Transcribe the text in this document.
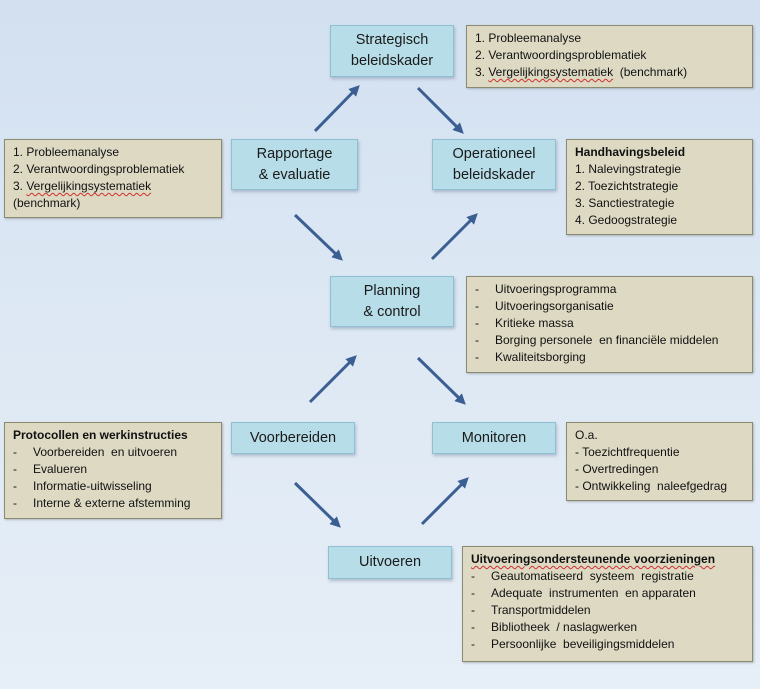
Strategisch
beleidskader
Rapportage
& evaluatie
Operationeel
beleidskader
Planning
& control
Voorbereiden	Monitoren
Uitvoeren
1. Probleemanalyse
2. Verantwoordingsproblematiek
3. Vergelijkingsystematiek  (benchmark)
1. Probleemanalyse
2. Verantwoordingsproblematiek
3. Vergelijkingsystematiek
(benchmark)
Handhavingsbeleid
1. Nalevingstrategie
2. Toezichtstrategie
3. Sanctiestrategie
4. Gedoogstrategie
- Uitvoeringsprogramma
- Uitvoeringsorganisatie
- Kritieke massa
- Borging personele  en financiële middelen
- Kwaliteitsborging
Protocollen en werkinstructies
- Voorbereiden  en uitvoeren
- Evalueren
- Informatie-uitwisseling
- Interne & externe afstemming
O.a.
- Toezichtfrequentie
- Overtredingen
- Ontwikkeling  naleefgedrag
Uitvoeringsondersteunende voorzieningen
- Geautomatiseerd  systeem  registratie
- Adequate  instrumenten  en apparaten
- Transportmiddelen
- Bibliotheek  / naslagwerken
- Persoonlijke  beveiligingsmiddelen
